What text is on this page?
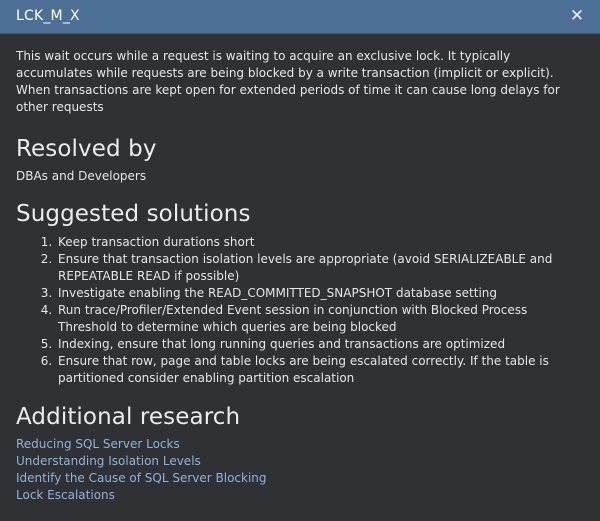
LCK_M_X	✕

This wait occurs while a request is waiting to acquire an exclusive lock. It typically accumulates while requests are being blocked by a write transaction (implicit or explicit). When transactions are kept open for extended periods of time it can cause long delays for other requests

Resolved by
DBAs and Developers
Suggested solutions
1. Keep transaction durations short
2. Ensure that transaction isolation levels are appropriate (avoid SERIALIZEABLE and REPEATABLE READ if possible)
3. Investigate enabling the READ_COMMITTED_SNAPSHOT database setting
4. Run trace/Profiler/Extended Event session in conjunction with Blocked Process Threshold to determine which queries are being blocked
5. Indexing, ensure that long running queries and transactions are optimized
6. Ensure that row, page and table locks are being escalated correctly. If the table is partitioned consider enabling partition escalation
Additional research
Reducing SQL Server Locks
Understanding Isolation Levels
Identify the Cause of SQL Server Blocking
Lock Escalations
